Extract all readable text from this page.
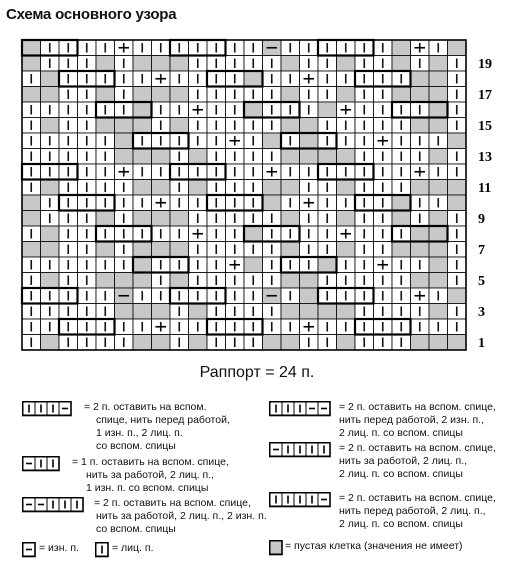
Схема основного узора
1
3
5
7
9
11
13
15
17
19
Раппорт = 24 п.
= 2 п. оставить на вспом.
спице, нить перед работой,
1 изн. п., 2 лиц. п.
со вспом. спицы
= 1 п. оставить на вспом. спице,
нить за работой, 2 лиц. п.,
1 изн. п. со вспом. спицы
= 2 п. оставить на вспом. спице,
нить за работой, 2 лиц. п., 2 изн. п.
со вспом. спицы
= изн. п.	= лиц. п.
= 2 п. оставить на вспом. спице,
нить перед работой, 2 изн. п.,
2 лиц. п. со вспом. спицы
= 2 п. оставить на вспом. спице,
нить за работой, 2 лиц. п.,
2 лиц. п. со вспом. спицы
= 2 п. оставить на вспом. спице,
нить перед работой, 2 лиц. п.,
2 лиц. п. со вспом. спицы
= пустая клетка (значения не имеет)
